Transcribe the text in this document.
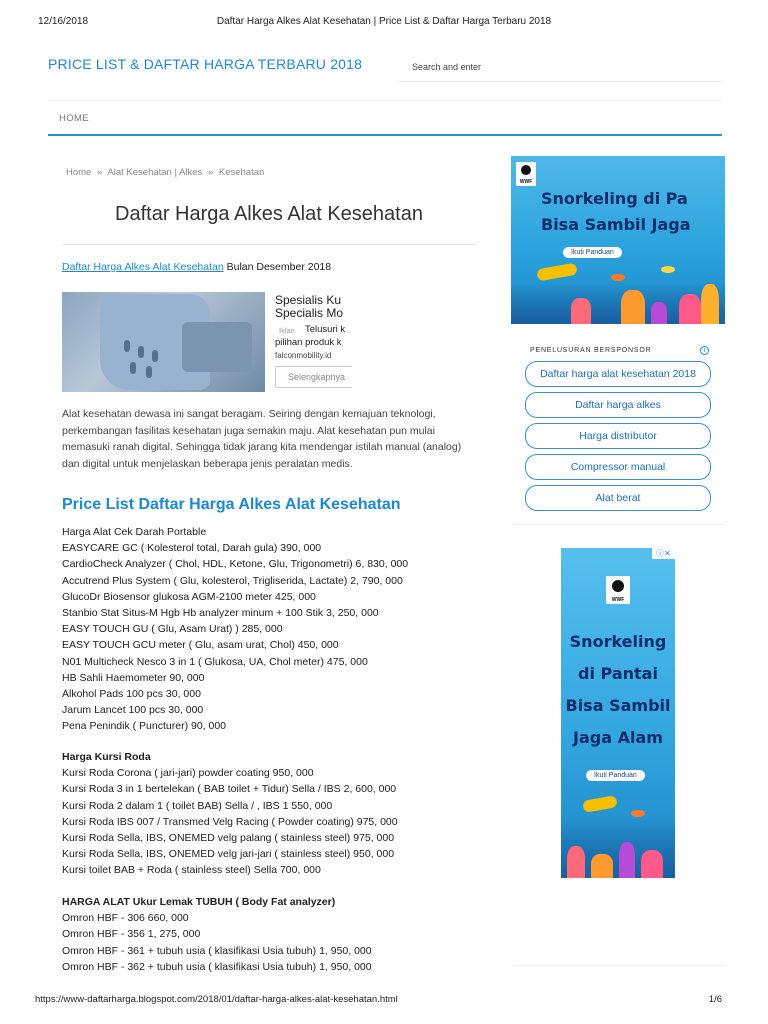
12/16/2018	Daftar Harga Alkes Alat Kesehatan | Price List & Daftar Harga Terbaru 2018
PRICE LIST & DAFTAR HARGA TERBARU 2018	Search and enter
HOME
Home » Alat Kesehatan | Alkes » Kesehatan
Daftar Harga Alkes Alat Kesehatan
Daftar Harga Alkes Alat Kesehatan Bulan Desember 2018
Spesialis Ku
Specialis Mo
Iklan Telusuri k
pilihan produk k
falconmobility.id
Selengkapnya

Alat kesehatan dewasa ini sangat beragam. Seiring dengan kemajuan teknologi, perkembangan fasilitas kesehatan juga semakin maju. Alat kesehatan pun mulai memasuki ranah digital. Sehingga tidak jarang kita mendengar istilah manual (analog) dan digital untuk menjelaskan beberapa jenis peralatan medis.

Price List Daftar Harga Alkes Alat Kesehatan
Harga Alat Cek Darah Portable
EASYCARE GC ( Kolesterol total, Darah gula) 390, 000
CardioCheck Analyzer ( Chol, HDL, Ketone, Glu, Trigonometri) 6, 830, 000
Accutrend Plus System ( Glu, kolesterol, Trigliserida, Lactate) 2, 790, 000
GlucoDr Biosensor glukosa AGM-2100 meter 425, 000
Stanbio Stat Situs-M Hgb Hb analyzer minum + 100 Stik 3, 250, 000
EASY TOUCH GU ( Glu, Asam Urat) ) 285, 000
EASY TOUCH GCU meter ( Glu, asam urat, Chol) 450, 000
N01 Multicheck Nesco 3 in 1 ( Glukosa, UA, Chol meter) 475, 000
HB Sahli Haemometer 90, 000
Alkohol Pads 100 pcs 30, 000
Jarum Lancet 100 pcs 30, 000
Pena Penindik ( Puncturer) 90, 000
Harga Kursi Roda
Kursi Roda Corona ( jari-jari) powder coating 950, 000
Kursi Roda 3 in 1 bertelekan ( BAB toilet + Tidur) Sella / IBS 2, 600, 000
Kursi Roda 2 dalam 1 ( toilet BAB) Sella / , IBS 1 550, 000
Kursi Roda IBS 007 / Transmed Velg Racing ( Powder coating) 975, 000
Kursi Roda Sella, IBS, ONEMED velg palang ( stainless steel) 975, 000
Kursi Roda Sella, IBS, ONEMED velg jari-jari ( stainless steel) 950, 000
Kursi toilet BAB + Roda ( stainless steel) Sella 700, 000
HARGA ALAT Ukur Lemak TUBUH ( Body Fat analyzer)
Omron HBF - 306 660, 000
Omron HBF - 356 1, 275, 000
Omron HBF - 361 + tubuh usia ( klasifikasi Usia tubuh) 1, 950, 000
Omron HBF - 362 + tubuh usia ( klasifikasi Usia tubuh) 1, 950, 000
WWF
Snorkeling di Pa
Bisa Sambil Jaga
Ikuti Panduan
PENELUSURAN BERSPONSOR	i
Daftar harga alat kesehatan 2018
Daftar harga alkes
Harga distributor
Compressor manual
Alat berat
WWF
Snorkeling
di Pantai
Bisa Sambil
Jaga Alam
Ikuti Panduan
ⓘ✕
https://www-daftarharga.blogspot.com/2018/01/daftar-harga-alkes-alat-kesehatan.html	1/6
